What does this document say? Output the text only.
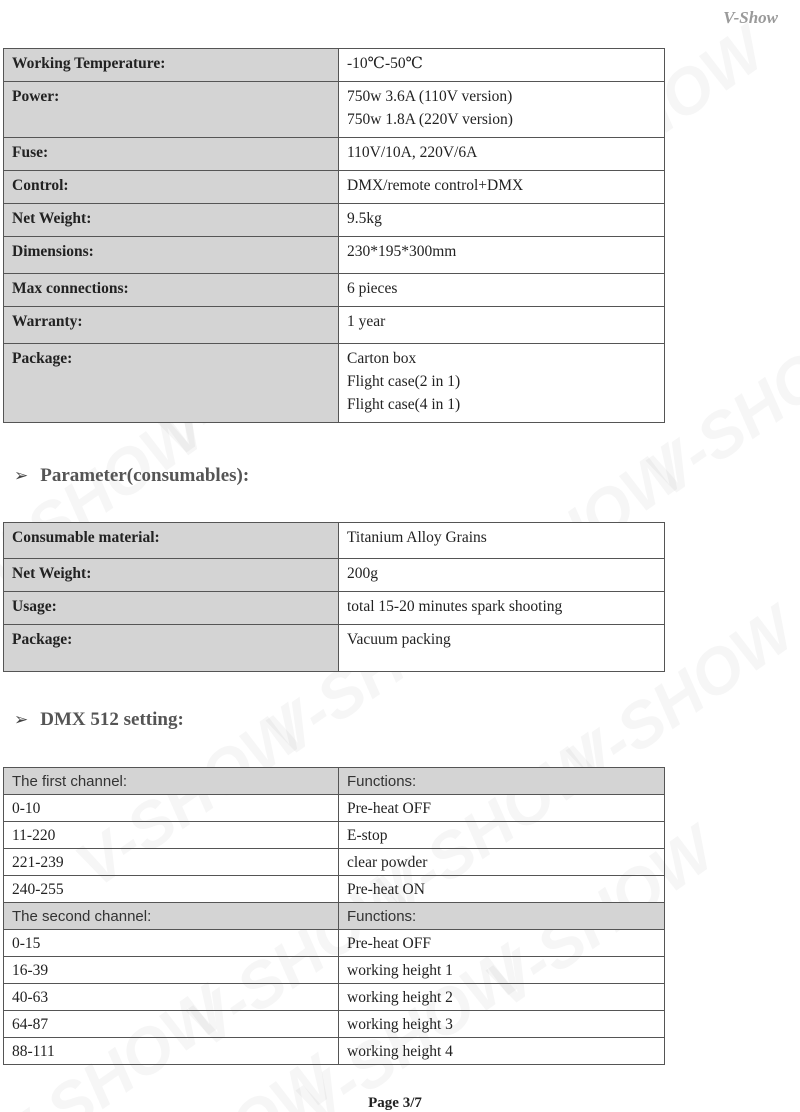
V-Show
Working Temperature:	-10℃-50℃

Power:	750w 3.6A (110V version)
750w 1.8A (220V version)

Fuse:	110V/10A, 220V/6A

Control:	DMX/remote control+DMX

Net Weight:	9.5kg

Dimensions:	230*195*300mm

Max connections:	6 pieces

Warranty:	1 year

Package:	Carton box
Flight case(2 in 1)
Flight case(4 in 1)
➢ Parameter(consumables):
Consumable material:	Titanium Alloy Grains

Net Weight:	200g

Usage:	total 15-20 minutes spark shooting

Package:	Vacuum packing
➢ DMX 512 setting:
The first channel:	Functions:
0-10	Pre-heat OFF
11-220	E-stop
221-239	clear powder
240-255	Pre-heat ON
The second channel:	Functions:
0-15	Pre-heat OFF
16-39	working height 1
40-63	working height 2
64-87	working height 3
88-111	working height 4
Page 3/7
